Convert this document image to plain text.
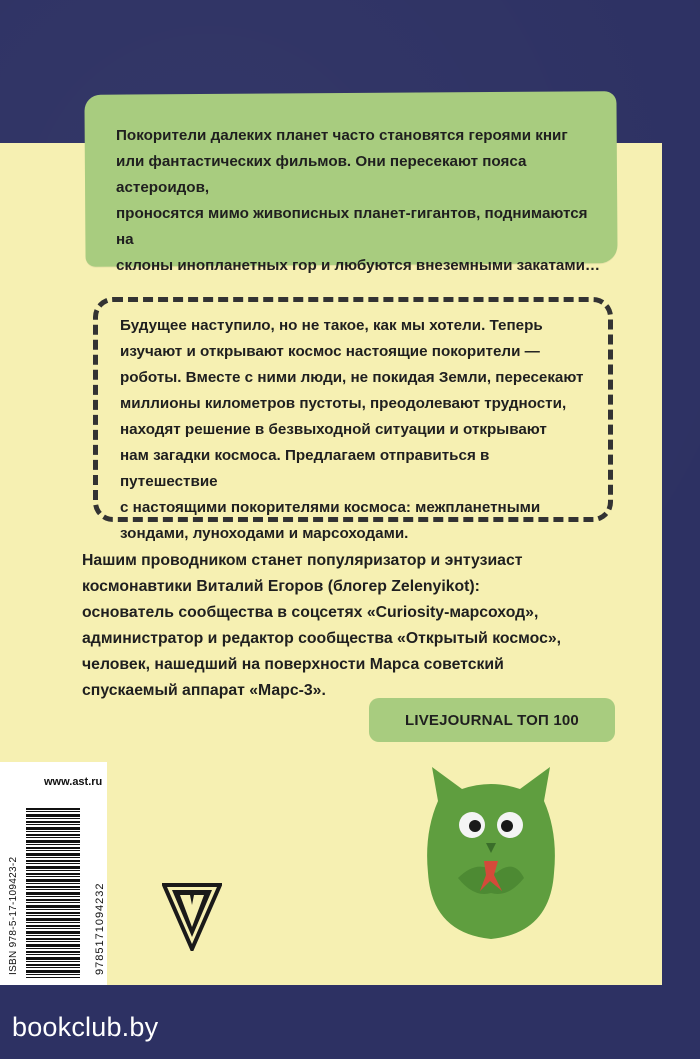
Покорители далеких планет часто становятся героями книг
или фантастических фильмов. Они пересекают пояса астероидов,
проносятся мимо живописных планет-гигантов, поднимаются на
склоны инопланетных гор и любуются внеземными закатами…
Будущее наступило, но не такое, как мы хотели. Теперь
изучают и открывают космос настоящие покорители —
роботы. Вместе с ними люди, не покидая Земли, пересекают
миллионы километров пустоты, преодолевают трудности,
находят решение в безвыходной ситуации и открывают
нам загадки космоса. Предлагаем отправиться в путешествие
с настоящими покорителями космоса: межпланетными
зондами, луноходами и марсоходами.
Нашим проводником станет популяризатор и энтузиаст
космонавтики Виталий Егоров (блогер Zelenyikot):
основатель сообщества в соцсетях «Curiosity-марсоход»,
администратор и редактор сообщества «Открытый космос»,
человек, нашедший на поверхности Марса советский
спускаемый аппарат «Марс-3».
LIVEJOURNAL ТОП 100
www.ast.ru
ISBN 978-5-17-109423-2	9785171094232
bookclub.by
